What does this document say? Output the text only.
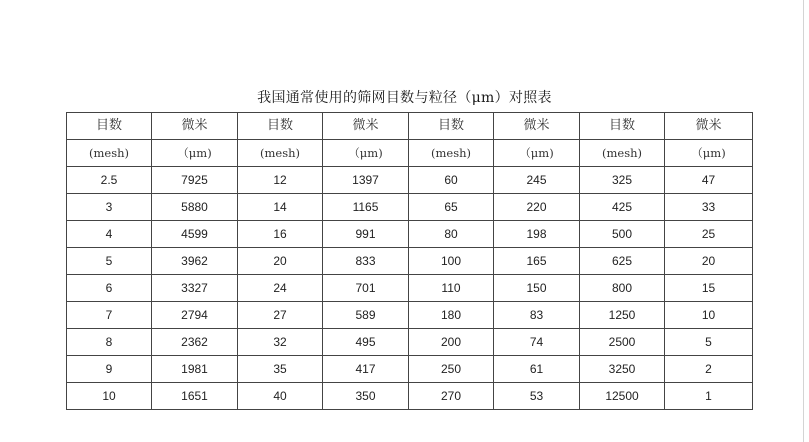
我国通常使用的筛网目数与粒径（μm）对照表
目数	微米	目数	微米	目数	微米	目数	微米
(mesh)	（μm)	(mesh)	（μm)	(mesh)	（μm)	(mesh)	（μm)
2.5	7925	12	1397	60	245	325	47
3	5880	14	1165	65	220	425	33
4	4599	16	991	80	198	500	25
5	3962	20	833	100	165	625	20
6	3327	24	701	110	150	800	15
7	2794	27	589	180	83	1250	10
8	2362	32	495	200	74	2500	5
9	1981	35	417	250	61	3250	2
10	1651	40	350	270	53	12500	1
